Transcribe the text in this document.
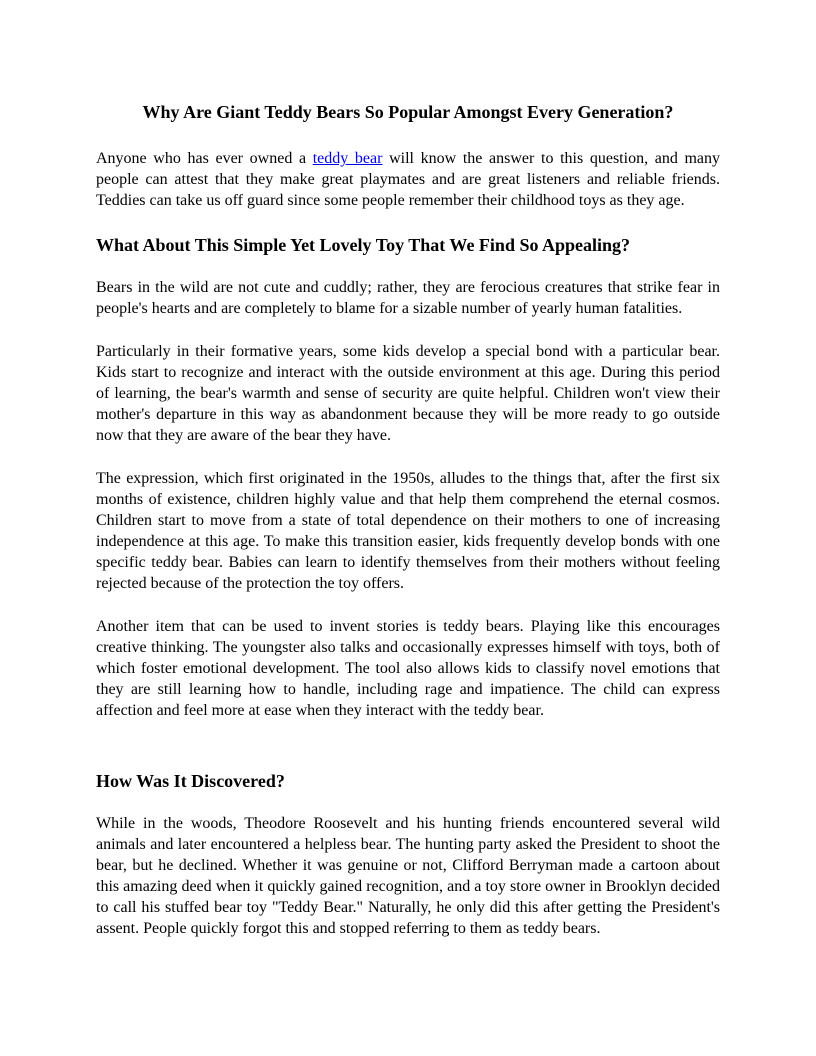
Why Are Giant Teddy Bears So Popular Amongst Every Generation?

Anyone who has ever owned a teddy bear will know the answer to this question, and many people can attest that they make great playmates and are great listeners and reliable friends. Teddies can take us off guard since some people remember their childhood toys as they age.

What About This Simple Yet Lovely Toy That We Find So Appealing?

Bears in the wild are not cute and cuddly; rather, they are ferocious creatures that strike fear in people's hearts and are completely to blame for a sizable number of yearly human fatalities.

Particularly in their formative years, some kids develop a special bond with a particular bear. Kids start to recognize and interact with the outside environment at this age. During this period of learning, the bear's warmth and sense of security are quite helpful. Children won't view their mother's departure in this way as abandonment because they will be more ready to go outside now that they are aware of the bear they have.

The expression, which first originated in the 1950s, alludes to the things that, after the first six months of existence, children highly value and that help them comprehend the eternal cosmos. Children start to move from a state of total dependence on their mothers to one of increasing independence at this age. To make this transition easier, kids frequently develop bonds with one specific teddy bear. Babies can learn to identify themselves from their mothers without feeling rejected because of the protection the toy offers.

Another item that can be used to invent stories is teddy bears. Playing like this encourages creative thinking. The youngster also talks and occasionally expresses himself with toys, both of which foster emotional development. The tool also allows kids to classify novel emotions that they are still learning how to handle, including rage and impatience. The child can express affection and feel more at ease when they interact with the teddy bear.

How Was It Discovered?

While in the woods, Theodore Roosevelt and his hunting friends encountered several wild animals and later encountered a helpless bear. The hunting party asked the President to shoot the bear, but he declined. Whether it was genuine or not, Clifford Berryman made a cartoon about this amazing deed when it quickly gained recognition, and a toy store owner in Brooklyn decided to call his stuffed bear toy "Teddy Bear." Naturally, he only did this after getting the President's assent. People quickly forgot this and stopped referring to them as teddy bears.
